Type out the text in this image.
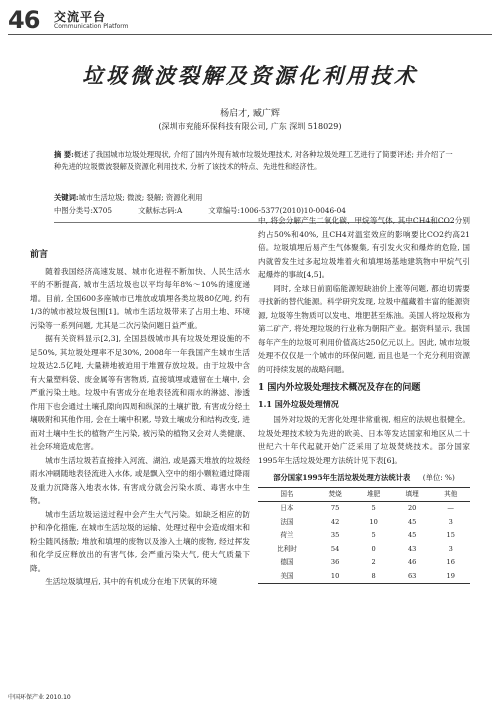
46 交流平台
Communication Platform
垃圾微波裂解及资源化利用技术
杨启才, 臧广辉
(深圳市兖能环保科技有限公司, 广东 深圳 518029)
摘 要:概述了我国城市垃圾处理现状, 介绍了国内外现有城市垃圾处理技术, 对各种垃圾处理工艺进行了简要评述; 并介绍了一种先进的垃圾微波裂解及资源化利用技术, 分析了该技术的特点、先进性和经济性。
关键词:城市生活垃圾; 微波; 裂解; 资源化利用
中图分类号:X705	文献标志码:A	文章编号:1006-5377(2010)10-0046-04
前言

随着我国经济高速发展、城市化进程不断加快、人民生活水平的不断提高, 城市生活垃圾也以平均每年8%～10%的速度递增。目前, 全国600多座城市已堆放或填埋各类垃圾80亿吨, 约有1/3的城市被垃圾包围[1]。城市生活垃圾带来了占用土地、环境污染等一系列问题, 尤其是二次污染问题日益严重。

据有关资料显示[2,3], 全国县级城市具有垃圾处理设施的不足50%, 其垃圾处理率不足30%, 2008年一年我国产生城市生活垃圾达2.5亿吨, 大量耕地被迫用于堆置存放垃圾。由于垃圾中含有大量塑料袋、废金属等有害物质, 直接填埋或遗留在土壤中, 会严重污染土地。垃圾中有害成分在地表径流和雨水的淋滤、渗透作用下也会通过土壤孔隙向四周和纵深的土壤扩散, 有害成分经土壤吸附和其他作用, 会在土壤中积累, 导致土壤成分和结构改变, 进而对土壤中生长的植物产生污染, 被污染的植物又会对人类健康、社会环境造成危害。

城市生活垃圾若直接排入河流、湖泊, 或是露天堆放的垃圾经雨水冲刷随地表径流进入水体, 或是飘入空中的细小颗粒通过降雨及重力沉降落入地表水体, 有害成分就会污染水质、毒害水中生物。

城市生活垃圾运送过程中会产生大气污染。如缺乏相应的防护和净化措施, 在城市生活垃圾的运输、处理过程中会造成细末和粉尘随风扬散; 堆放和填埋的废物以及渗入土壤的废物, 经过挥发和化学反应释放出的有害气体, 会严重污染大气, 使大气质量下降。

生活垃圾填埋后, 其中的有机成分在地下厌氧的环境

中, 将会分解产生二氧化碳、甲烷等气体, 其中CH4和CO2分别约占50%和40%, 且CH4对温室效应的影响要比CO2约高21倍。垃圾填埋后易产生气体聚集, 有引发火灾和爆炸的危险, 国内就曾发生过多起垃圾堆着火和填埋场基地建筑物中甲烷气引起爆炸的事故[4,5]。

同时, 全球日前面临能源短缺油价上涨等问题, 都迫切需要寻找新的替代能源。科学研究发现, 垃圾中蕴藏着丰富的能源资源, 垃圾等生物质可以发电、堆肥甚至炼油。美国人将垃圾称为第二矿产, 将处理垃圾的行业称为朝阳产业。据资料显示, 我国每年产生的垃圾可利用价值高达250亿元以上。因此, 城市垃圾处理不仅仅是一个城市的环保问题, 而且也是一个充分利用资源的可持续发展的战略问题。

1 国内外垃圾处理技术概况及存在的问题
1.1 国外垃圾处理情况

国外对垃圾的无害化处理非常重视, 相应的法规也很健全。垃圾处理技术较为先进的欧美、日本等发达国家和地区从二十世纪六十年代起就开始广泛采用了垃圾焚烧技术。部分国家1995年生活垃圾处理方法统计见下表[6]。

部分国家1995年生活垃圾处理方法统计表 (单位: %)
国名	焚烧	堆肥	填埋	其他
日本	75	5	20	—
法国	42	10	45	3
荷兰	35	5	45	15
比利时	54	0	43	3
德国	36	2	46	16
美国	10	8	63	19
中国环保产业 2010.10
